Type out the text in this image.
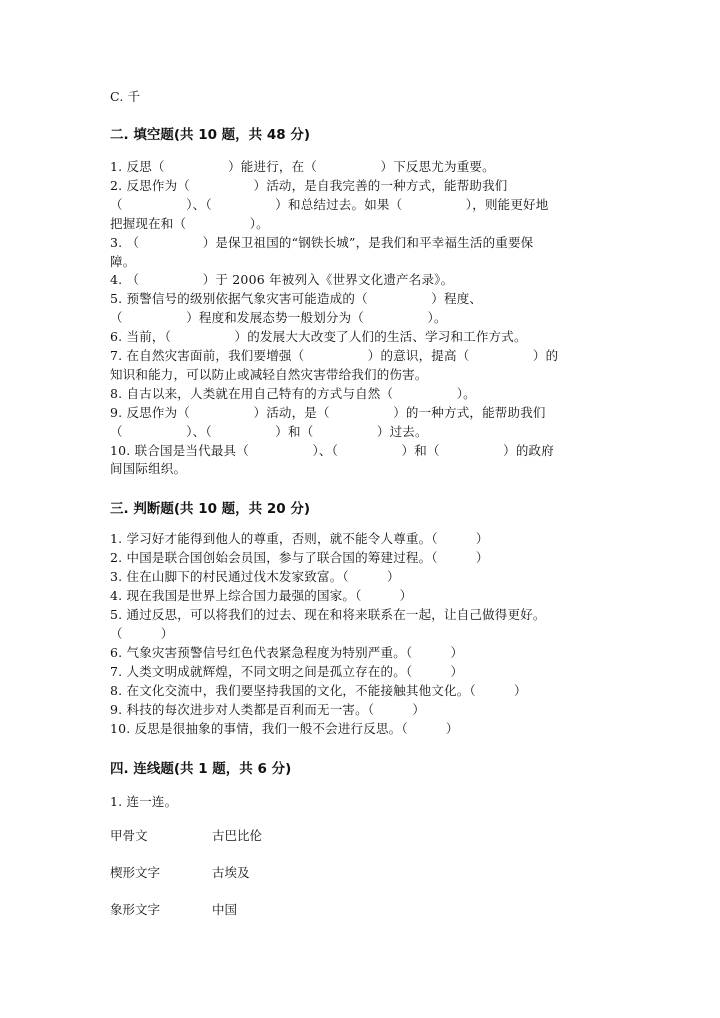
C. 千
二. 填空题(共 10 题，共 48 分)
1. 反思（　　　　　）能进行，在（　　　　　）下反思尤为重要。
2. 反思作为（　　　　　）活动，是自我完善的一种方式，能帮助我们
（　　　　　）、（　　　　　）和总结过去。如果（　　　　　），则能更好地
把握现在和（　　　　　）。
3. （　　　　　）是保卫祖国的“钢铁长城”，是我们和平幸福生活的重要保
障。
4. （　　　　　）于 2006 年被列入《世界文化遗产名录》。
5. 预警信号的级别依据气象灾害可能造成的（　　　　　）程度、
（　　　　　）程度和发展态势一般划分为（　　　　　）。
6. 当前，（　　　　　）的发展大大改变了人们的生活、学习和工作方式。
7. 在自然灾害面前，我们要增强（　　　　　）的意识，提高（　　　　　）的
知识和能力，可以防止或减轻自然灾害带给我们的伤害。
8. 自古以来，人类就在用自己特有的方式与自然（　　　　　）。
9. 反思作为（　　　　　）活动，是（　　　　　）的一种方式，能帮助我们
（　　　　　）、（　　　　　）和（　　　　　）过去。
10. 联合国是当代最具（　　　　　）、（　　　　　）和（　　　　　）的政府
间国际组织。
三. 判断题(共 10 题，共 20 分)
1. 学习好才能得到他人的尊重，否则，就不能令人尊重。（　　　）
2. 中国是联合国创始会员国，参与了联合国的筹建过程。（　　　）
3. 住在山脚下的村民通过伐木发家致富。（　　　）
4. 现在我国是世界上综合国力最强的国家。（　　　）
5. 通过反思，可以将我们的过去、现在和将来联系在一起，让自己做得更好。
（　　　）
6. 气象灾害预警信号红色代表紧急程度为特别严重。（　　　）
7. 人类文明成就辉煌，不同文明之间是孤立存在的。（　　　）
8. 在文化交流中，我们要坚持我国的文化，不能接触其他文化。（　　　）
9. 科技的每次进步对人类都是百利而无一害。（　　　）
10. 反思是很抽象的事情，我们一般不会进行反思。（　　　）
四. 连线题(共 1 题，共 6 分)
1. 连一连。
甲骨文	古巴比伦
楔形文字	古埃及
象形文字	中国
